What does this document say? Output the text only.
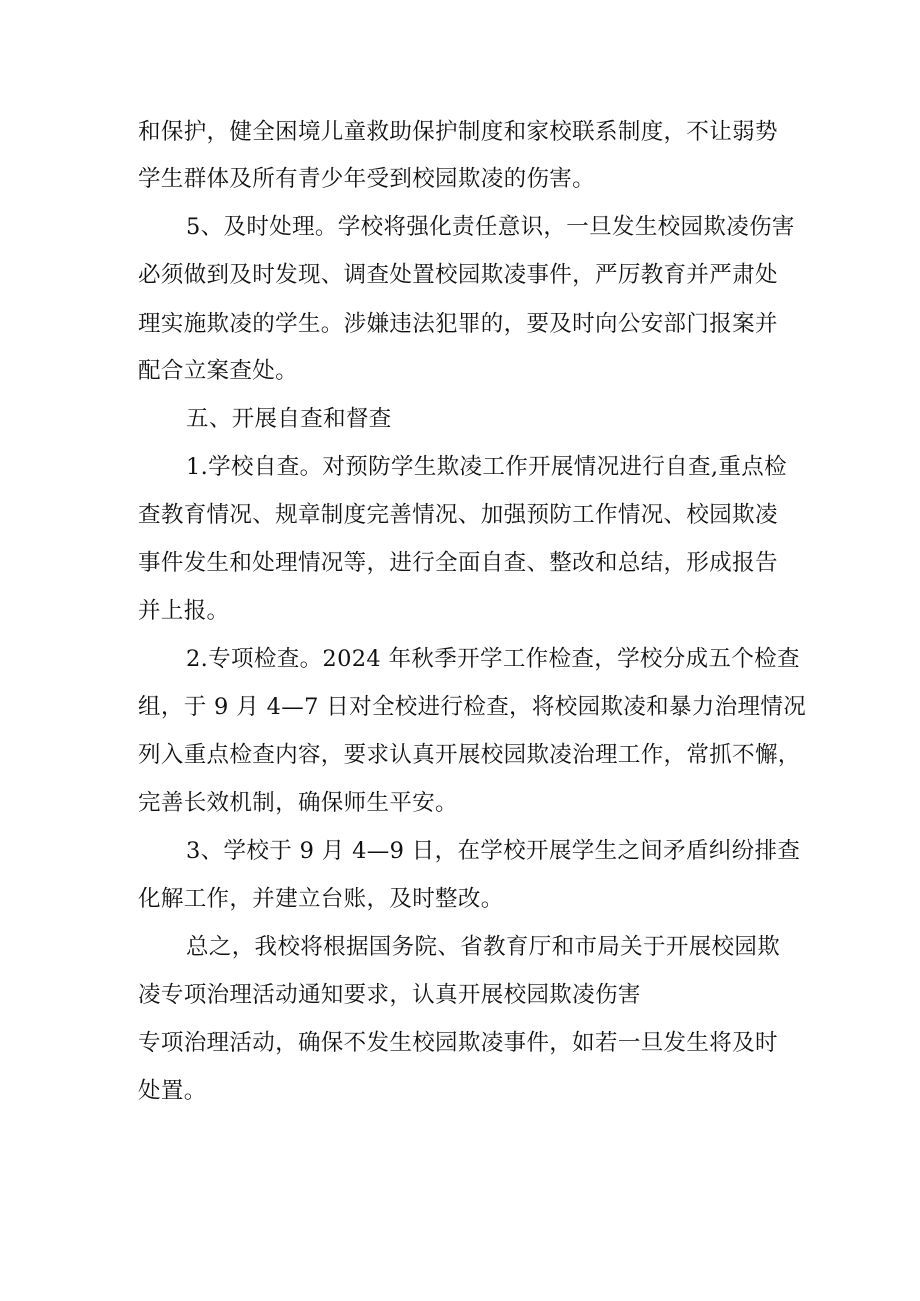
和保护，健全困境儿童救助保护制度和家校联系制度，不让弱势
学生群体及所有青少年受到校园欺凌的伤害。
5、及时处理。学校将强化责任意识，一旦发生校园欺凌伤害
必须做到及时发现、调查处置校园欺凌事件，严厉教育并严肃处
理实施欺凌的学生。涉嫌违法犯罪的，要及时向公安部门报案并
配合立案查处。
五、开展自查和督查
1.学校自查。对预防学生欺凌工作开展情况进行自查,重点检
查教育情况、规章制度完善情况、加强预防工作情况、校园欺凌
事件发生和处理情况等，进行全面自查、整改和总结，形成报告
并上报。
2.专项检查。2024 年秋季开学工作检查，学校分成五个检查
组，于 9 月 4—7 日对全校进行检查，将校园欺凌和暴力治理情况
列入重点检查内容，要求认真开展校园欺凌治理工作，常抓不懈，
完善长效机制，确保师生平安。
3、学校于 9 月 4—9 日，在学校开展学生之间矛盾纠纷排查
化解工作，并建立台账，及时整改。
总之，我校将根据国务院、省教育厅和市局关于开展校园欺
凌专项治理活动通知要求，认真开展校园欺凌伤害
专项治理活动，确保不发生校园欺凌事件，如若一旦发生将及时
处置。
